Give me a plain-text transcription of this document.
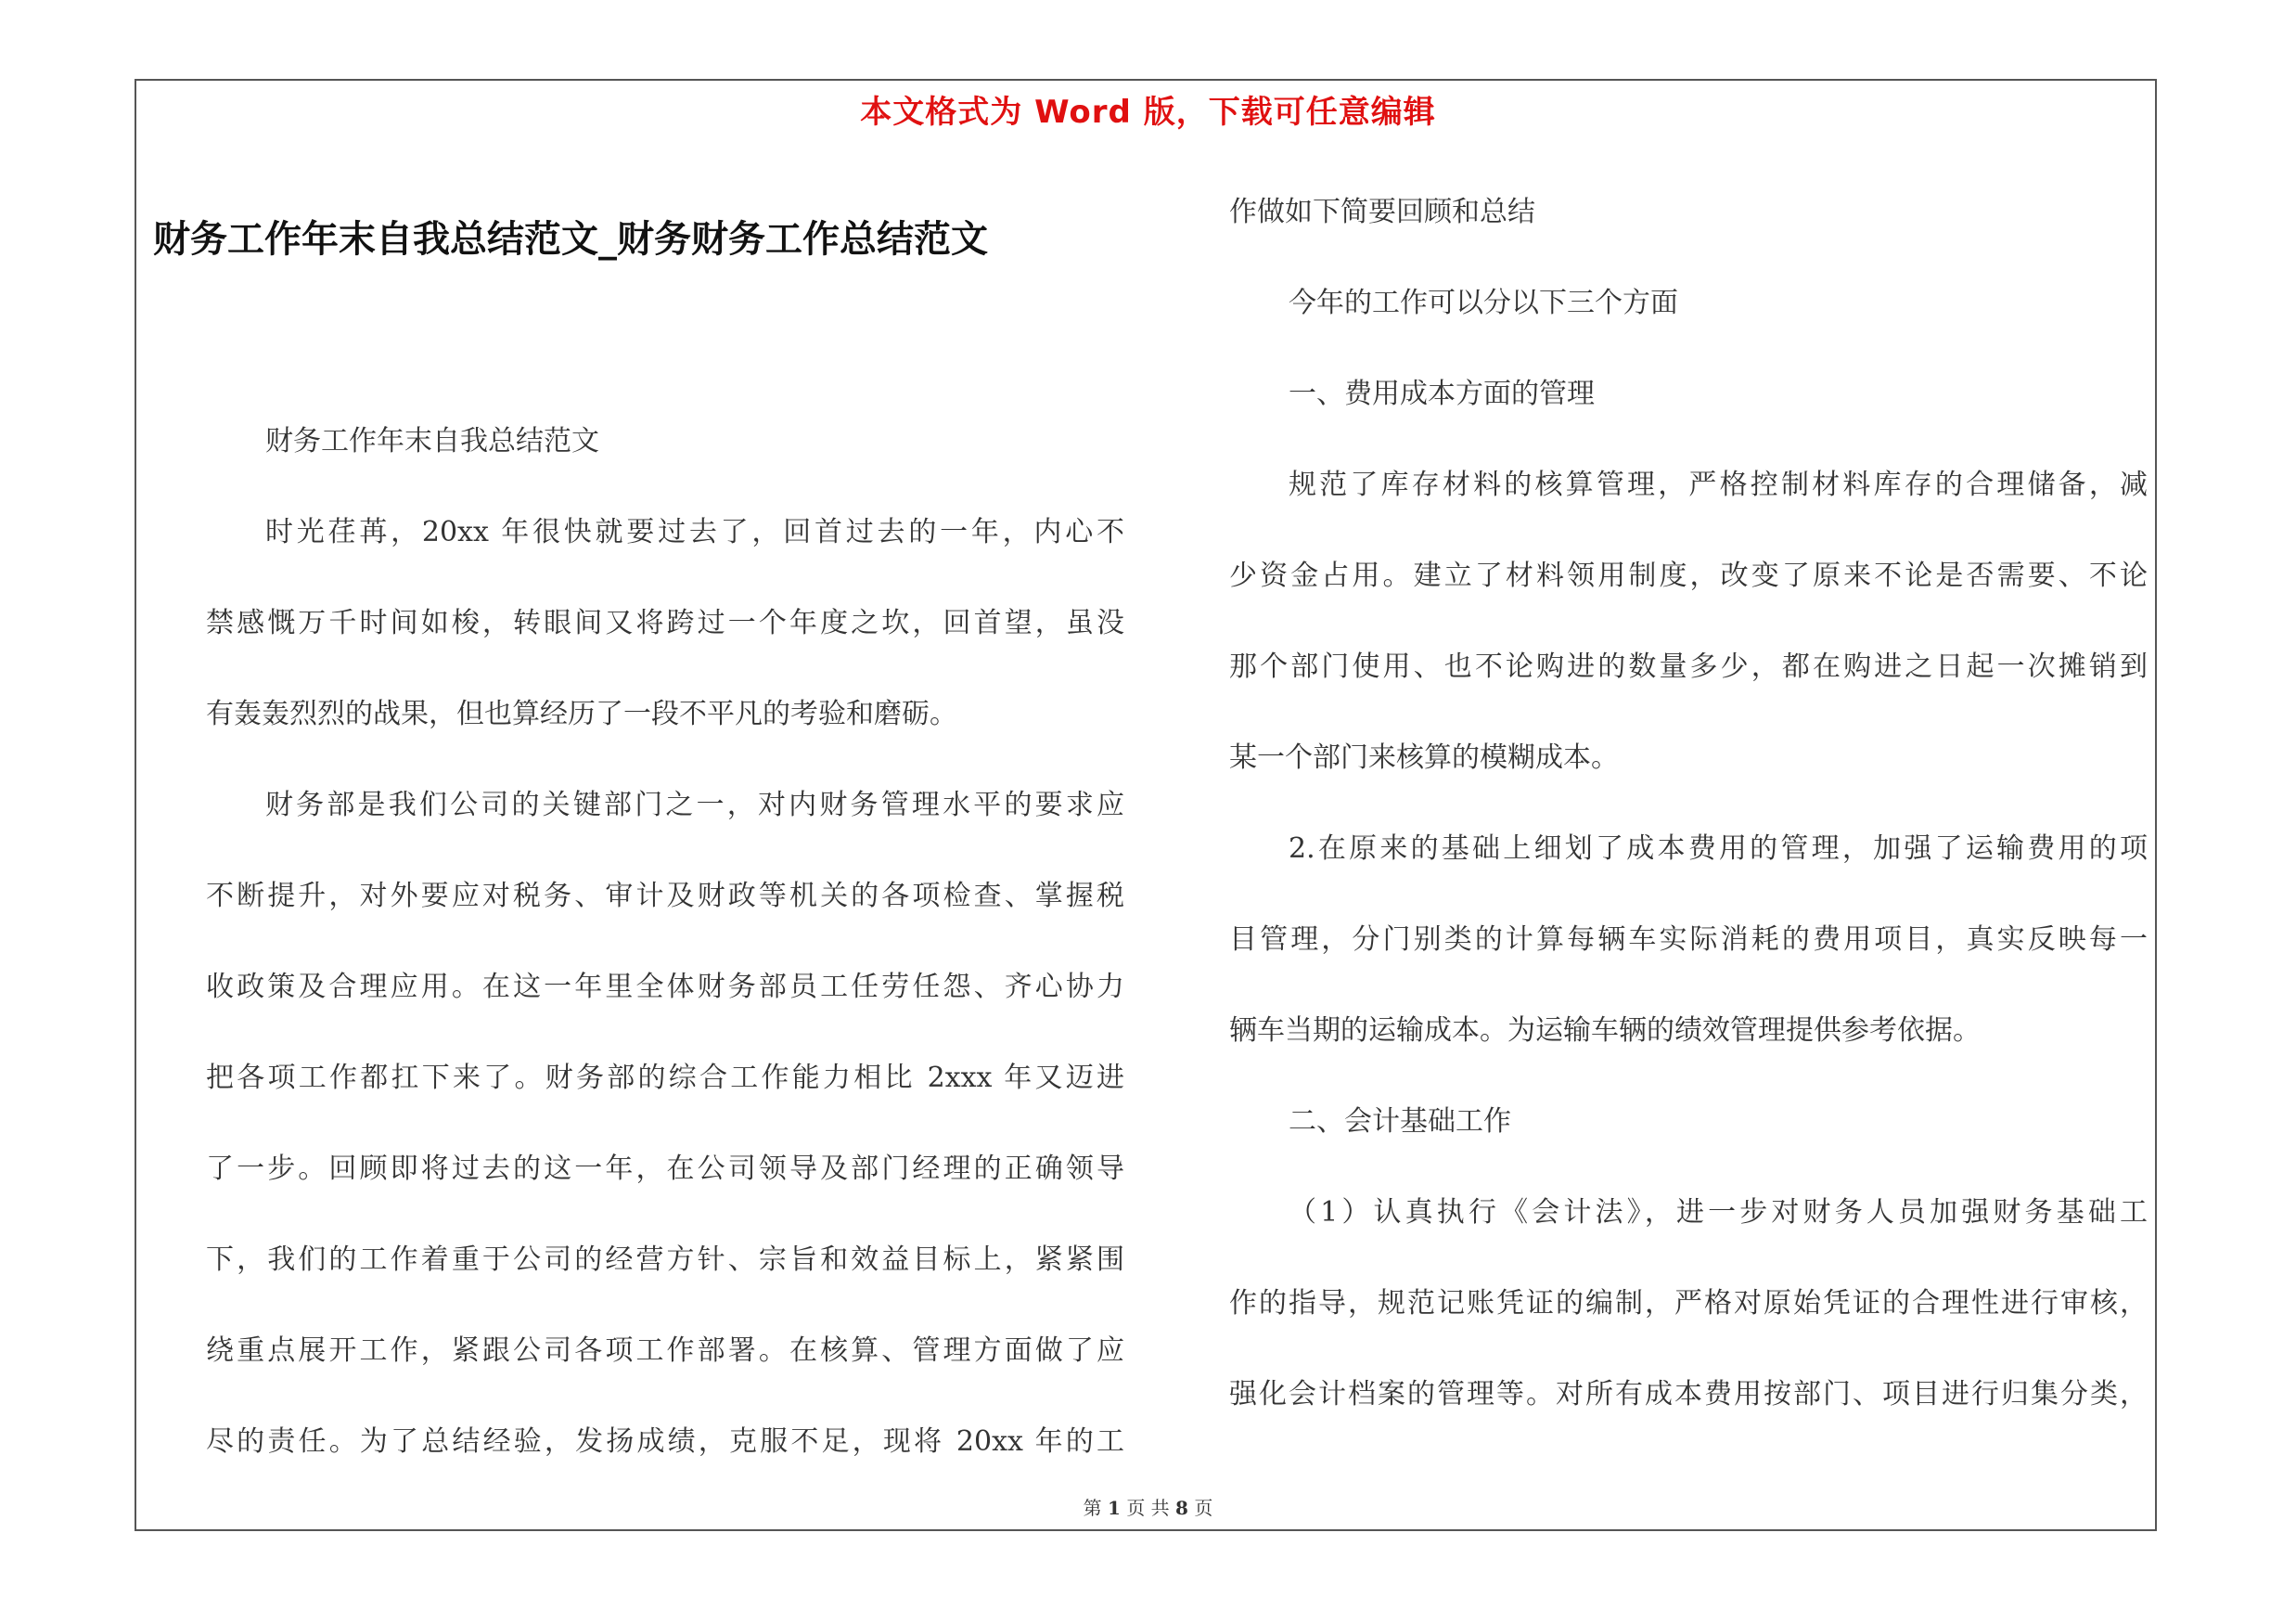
本文格式为 Word 版，下载可任意编辑
财务工作年末自我总结范文_财务财务工作总结范文
财务工作年末自我总结范文
时光荏苒，20xx 年很快就要过去了，回首过去的一年，内心不
禁感慨万千时间如梭，转眼间又将跨过一个年度之坎，回首望，虽没
有轰轰烈烈的战果，但也算经历了一段不平凡的考验和磨砺。
财务部是我们公司的关键部门之一，对内财务管理水平的要求应
不断提升，对外要应对税务、审计及财政等机关的各项检查、掌握税
收政策及合理应用。在这一年里全体财务部员工任劳任怨、齐心协力
把各项工作都扛下来了。财务部的综合工作能力相比 2xxx 年又迈进
了一步。回顾即将过去的这一年，在公司领导及部门经理的正确领导
下，我们的工作着重于公司的经营方针、宗旨和效益目标上，紧紧围
绕重点展开工作，紧跟公司各项工作部署。在核算、管理方面做了应
尽的责任。为了总结经验，发扬成绩，克服不足，现将 20xx 年的工
作做如下简要回顾和总结
今年的工作可以分以下三个方面
一、费用成本方面的管理
规范了库存材料的核算管理，严格控制材料库存的合理储备，减
少资金占用。建立了材料领用制度，改变了原来不论是否需要、不论
那个部门使用、也不论购进的数量多少，都在购进之日起一次摊销到
某一个部门来核算的模糊成本。
2.在原来的基础上细划了成本费用的管理，加强了运输费用的项
目管理，分门别类的计算每辆车实际消耗的费用项目，真实反映每一
辆车当期的运输成本。为运输车辆的绩效管理提供参考依据。
二、会计基础工作
（1）认真执行《会计法》，进一步对财务人员加强财务基础工
作的指导，规范记账凭证的编制，严格对原始凭证的合理性进行审核，
强化会计档案的管理等。对所有成本费用按部门、项目进行归集分类，
第 1 页 共 8 页
